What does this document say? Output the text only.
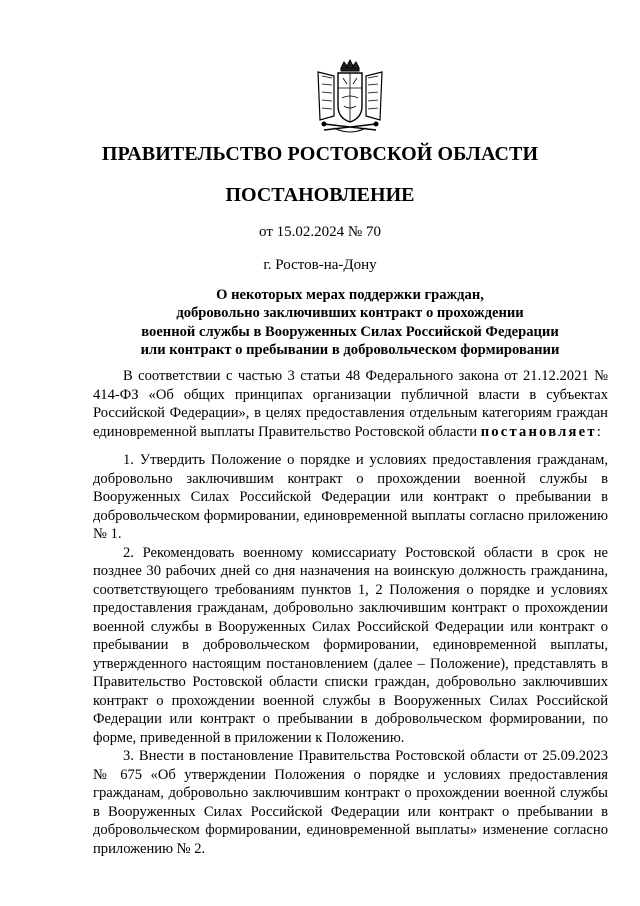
ПРАВИТЕЛЬСТВО РОСТОВСКОЙ ОБЛАСТИ
ПОСТАНОВЛЕНИЕ
от 15.02.2024 № 70
г. Ростов-на-Дону
О некоторых мерах поддержки граждан,
добровольно заключивших контракт о прохождении
военной службы в Вооруженных Силах Российской Федерации
или контракт о пребывании в добровольческом формировании

В соответствии с частью 3 статьи 48 Федерального закона от 21.12.2021 № 414-ФЗ «Об общих принципах организации публичной власти в субъектах Российской Федерации», в целях предоставления отдельным категориям граждан единовременной выплаты Правительство Ростовской области постановляет:

1. Утвердить Положение о порядке и условиях предоставления гражданам, добровольно заключившим контракт о прохождении военной службы в Вооруженных Силах Российской Федерации или контракт о пребывании в добровольческом формировании, единовременной выплаты согласно приложению № 1.

2. Рекомендовать военному комиссариату Ростовской области в срок не позднее 30 рабочих дней со дня назначения на воинскую должность гражданина, соответствующего требованиям пунктов 1, 2 Положения о порядке и условиях предоставления гражданам, добровольно заключившим контракт о прохождении военной службы в Вооруженных Силах Российской Федерации или контракт о пребывании в добровольческом формировании, единовременной выплаты, утвержденного настоящим постановлением (далее – Положение), представлять в Правительство Ростовской области списки граждан, добровольно заключивших контракт о прохождении военной службы в Вооруженных Силах Российской Федерации или контракт о пребывании в добровольческом формировании, по форме, приведенной в приложении к Положению.

3. Внести в постановление Правительства Ростовской области от 25.09.2023 № 675 «Об утверждении Положения о порядке и условиях предоставления гражданам, добровольно заключившим контракт о прохождении военной службы в Вооруженных Силах Российской Федерации или контракт о пребывании в добровольческом формировании, единовременной выплаты» изменение согласно приложению № 2.
